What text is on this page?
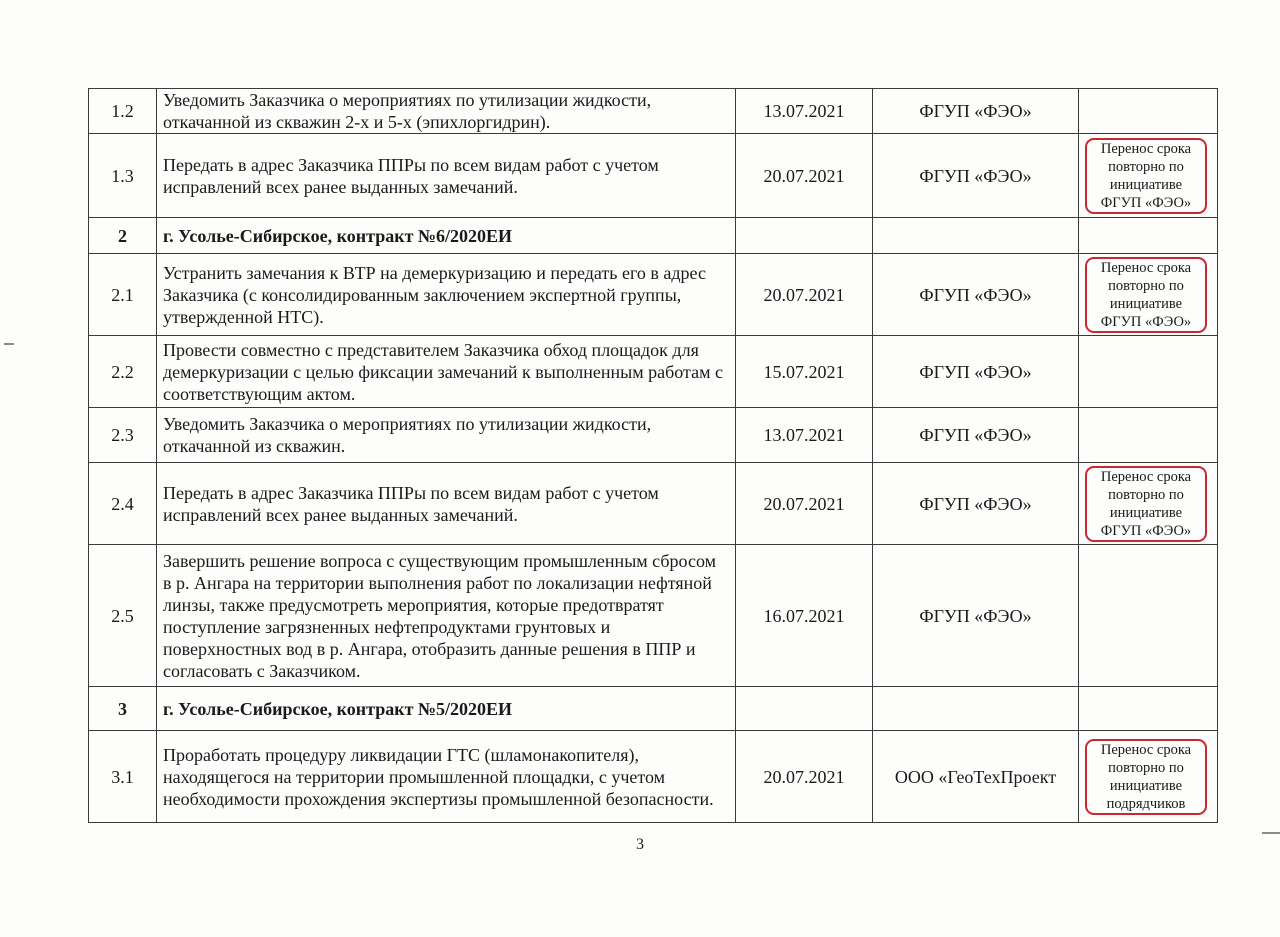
1.2	Уведомить Заказчика о мероприятиях по утилизации жидкости, откачанной из скважин 2-х и 5-х (эпихлоргидрин).	13.07.2021	ФГУП «ФЭО»	
1.3	Передать в адрес Заказчика ППРы по всем видам работ с учетом исправлений всех ранее выданных замечаний.	20.07.2021	ФГУП «ФЭО»	Перенос срока повторно по инициативе ФГУП «ФЭО»
2	г. Усолье-Сибирское, контракт №6/2020ЕИ			
2.1	Устранить замечания к ВТР на демеркуризацию и передать его в адрес Заказчика (с консолидированным заключением экспертной группы, утвержденной НТС).	20.07.2021	ФГУП «ФЭО»	Перенос срока повторно по инициативе ФГУП «ФЭО»
2.2	Провести совместно с представителем Заказчика обход площадок для демеркуризации с целью фиксации замечаний к выполненным работам с соответствующим актом.	15.07.2021	ФГУП «ФЭО»	
2.3	Уведомить Заказчика о мероприятиях по утилизации жидкости, откачанной из скважин.	13.07.2021	ФГУП «ФЭО»	
2.4	Передать в адрес Заказчика ППРы по всем видам работ с учетом исправлений всех ранее выданных замечаний.	20.07.2021	ФГУП «ФЭО»	Перенос срока повторно по инициативе ФГУП «ФЭО»
2.5	Завершить решение вопроса с существующим промышленным сбросом в р. Ангара на территории выполнения работ по локализации нефтяной линзы, также предусмотреть мероприятия, которые предотвратят поступление загрязненных нефтепродуктами грунтовых и поверхностных вод в р. Ангара, отобразить данные решения в ППР и согласовать с Заказчиком.	16.07.2021	ФГУП «ФЭО»	
3	г. Усолье-Сибирское, контракт №5/2020ЕИ			
3.1	Проработать процедуру ликвидации ГТС (шламонакопителя), находящегося на территории промышленной площадки, с учетом необходимости прохождения экспертизы промышленной безопасности.	20.07.2021	ООО «ГеоТехПроект	Перенос срока повторно по инициативе подрядчиков
3
